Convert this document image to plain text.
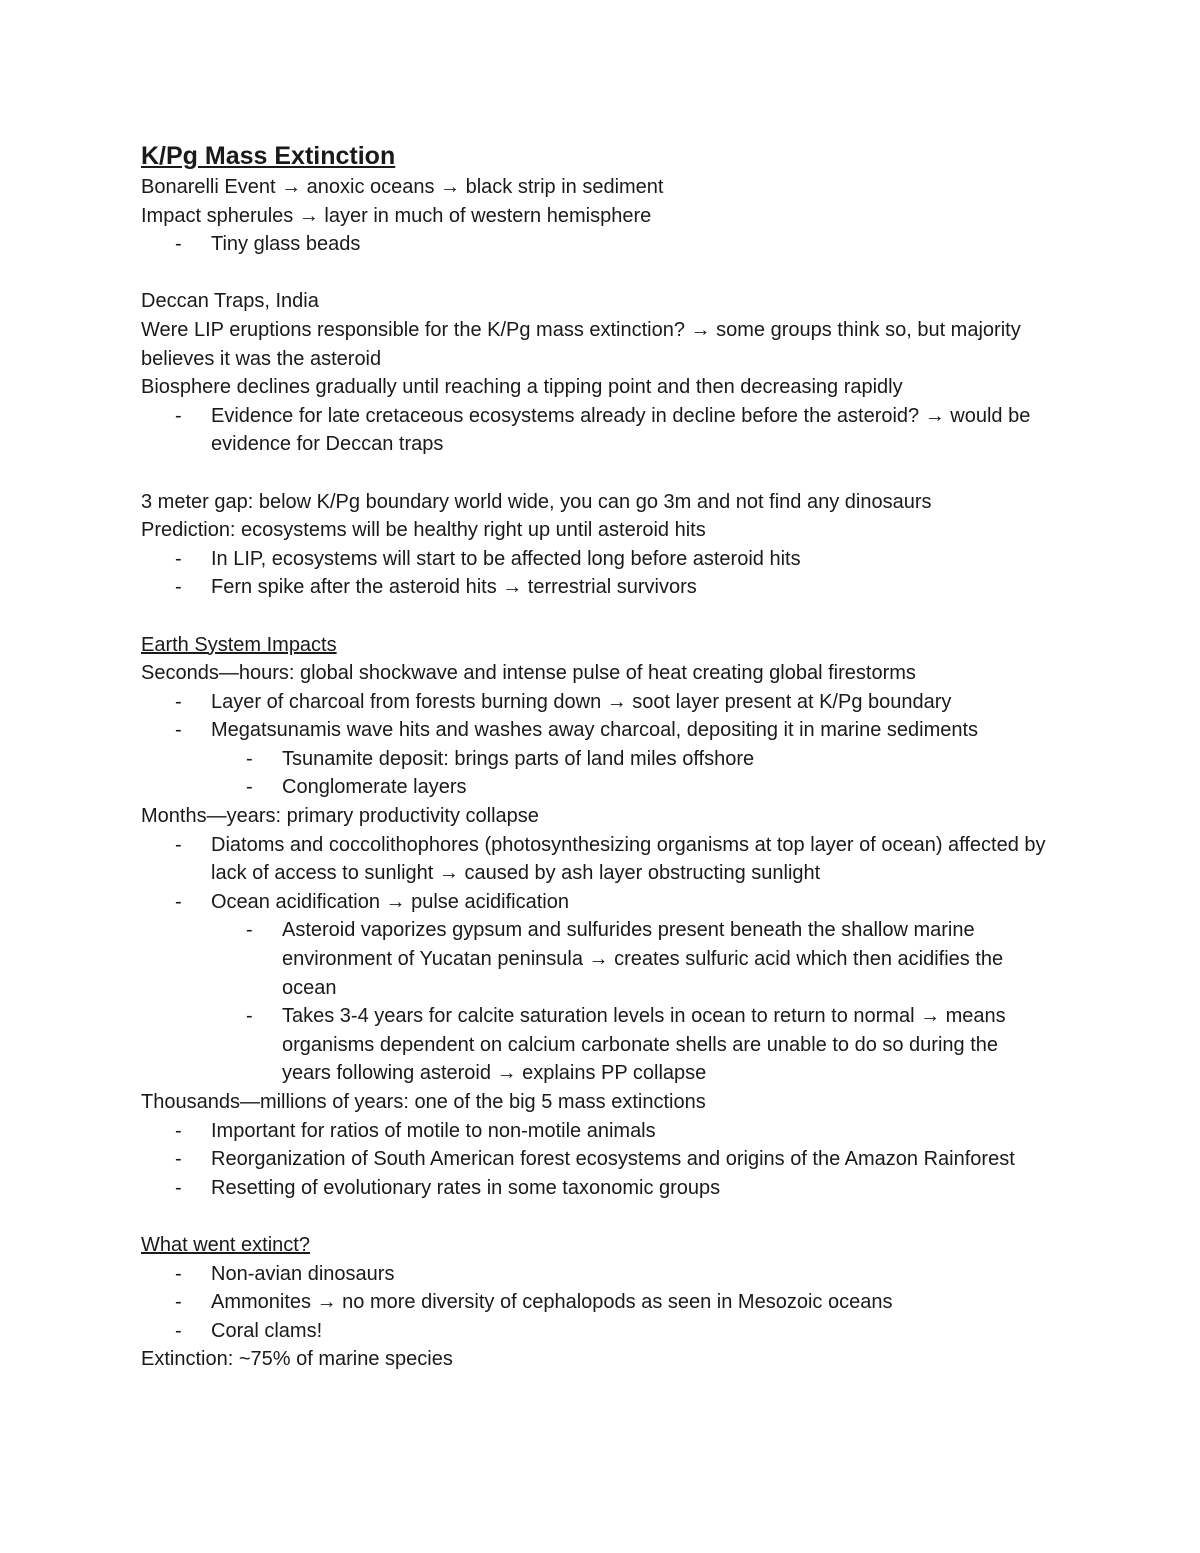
K/Pg Mass Extinction

Bonarelli Event → anoxic oceans → black strip in sediment

Impact spherules → layer in much of western hemisphere

- Tiny glass beads

Deccan Traps, India

Were LIP eruptions responsible for the K/Pg mass extinction? → some groups think so, but majority believes it was the asteroid

Biosphere declines gradually until reaching a tipping point and then decreasing rapidly

- Evidence for late cretaceous ecosystems already in decline before the asteroid? → would be evidence for Deccan traps

3 meter gap: below K/Pg boundary world wide, you can go 3m and not find any dinosaurs

Prediction: ecosystems will be healthy right up until asteroid hits

- In LIP, ecosystems will start to be affected long before asteroid hits
- Fern spike after the asteroid hits → terrestrial survivors

Earth System Impacts

Seconds—hours: global shockwave and intense pulse of heat creating global firestorms

- Layer of charcoal from forests burning down → soot layer present at K/Pg boundary
- Megatsunamis wave hits and washes away charcoal, depositing it in marine sediments
- Tsunamite deposit: brings parts of land miles offshore
- Conglomerate layers

Months—years: primary productivity collapse

- Diatoms and coccolithophores (photosynthesizing organisms at top layer of ocean) affected by lack of access to sunlight → caused by ash layer obstructing sunlight
- Ocean acidification → pulse acidification
- Asteroid vaporizes gypsum and sulfurides present beneath the shallow marine environment of Yucatan peninsula → creates sulfuric acid which then acidifies the ocean
- Takes 3-4 years for calcite saturation levels in ocean to return to normal → means organisms dependent on calcium carbonate shells are unable to do so during the years following asteroid → explains PP collapse

Thousands—millions of years: one of the big 5 mass extinctions

- Important for ratios of motile to non-motile animals
- Reorganization of South American forest ecosystems and origins of the Amazon Rainforest
- Resetting of evolutionary rates in some taxonomic groups

What went extinct?

- Non-avian dinosaurs
- Ammonites → no more diversity of cephalopods as seen in Mesozoic oceans
- Coral clams!

Extinction: ~75% of marine species
